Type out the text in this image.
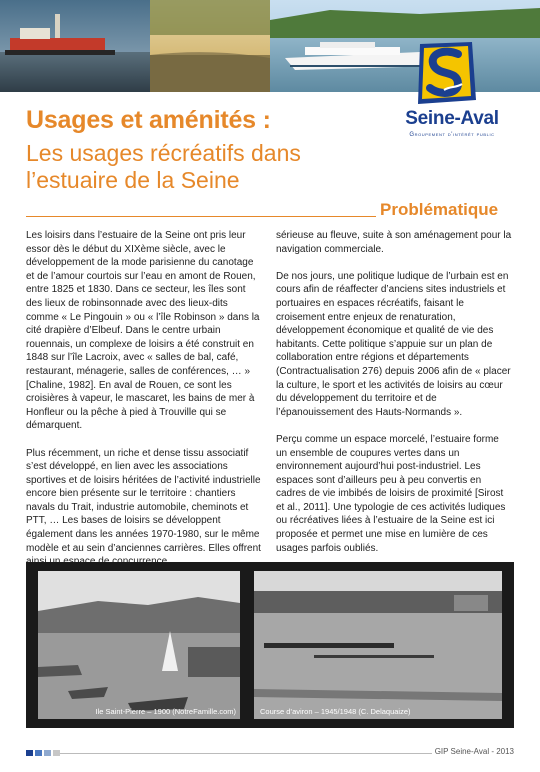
Seine-Aval
Groupement d'intérêt public
Usages et aménités :
Les usages récréatifs dans l’estuaire de la Seine
Problématique

Les loisirs dans l’estuaire de la Seine ont pris leur essor dès le début du XIXème siècle, avec le développement de la mode parisienne du canotage et de l’amour courtois sur l’eau en amont de Rouen, entre 1825 et 1830. Dans ce secteur, les îles sont des lieux de robinsonnade avec des lieux-dits comme « Le Pingouin » ou « l’île Robinson » dans la cité drapière d’Elbeuf. Dans le centre urbain rouennais, un complexe de loisirs a été construit en 1848 sur l’île Lacroix, avec « salles de bal, café, restaurant, ménagerie, salles de conférences, … » [Chaline, 1982]. En aval de Rouen, ce sont les croisières à vapeur, le mascaret, les bains de mer à Honfleur ou la pêche à pied à Trouville qui se démarquent.

Plus récemment, un riche et dense tissu associatif s’est développé, en lien avec les associations sportives et de loisirs héritées de l’activité industrielle encore bien présente sur le territoire : chantiers navals du Trait, industrie automobile, cheminots et PTT, … Les bases de loisirs se développent également dans les années 1970-1980, sur le même modèle et au sein d’anciennes carrières. Elles offrent

sérieuse au fleuve, suite à son aménagement pour la navigation commerciale.

De nos jours, une politique ludique de l’urbain est en cours afin de réaffecter d’anciens sites industriels et portuaires en espaces récréatifs, faisant le croisement entre enjeux de renaturation, développement économique et qualité de vie des habitants. Cette politique s’appuie sur un plan de collaboration entre régions et départements (Contractualisation 276) depuis 2006 afin de « placer la culture, le sport et les activités de loisirs au cœur du développement du territoire et de l’épanouissement des Hauts-Normands ».

Perçu comme un espace morcelé, l’estuaire forme un ensemble de coupures vertes dans un environnement aujourd’hui post-industriel. Les espaces sont d’ailleurs peu à peu convertis en cadres de vie imbibés de loisirs de proximité [Sirost et al., 2011]. Une typologie de ces activités ludiques ou récréatives liées à l’estuaire de la Seine est ici proposée et permet une mise en lumière de ces usages parfois oubliés.

Ile Saint-Pierre – 1900 (NotreFamille.com)	Course d’aviron – 1945/1948 (C. Delaquaize)
GIP Seine-Aval - 2013
